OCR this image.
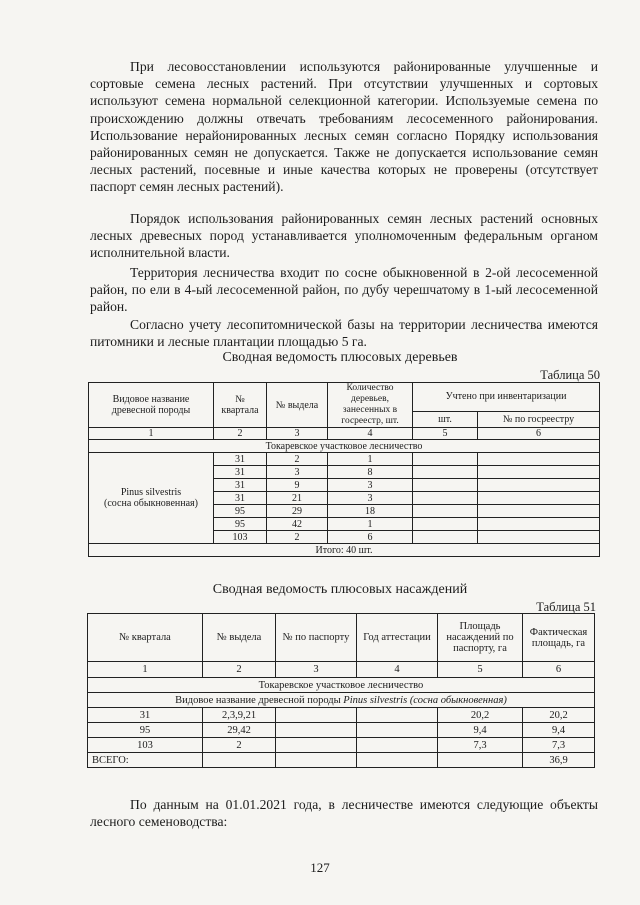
При лесовосстановлении используются районированные улучшенные и сортовые семена лесных растений. При отсутствии улучшенных и сортовых используют семена нормальной селекционной категории. Используемые семена по происхождению должны отвечать требованиям лесосеменного районирования. Использование нерайонированных лесных семян согласно Порядку использования районированных семян не допускается. Также не допускается использование семян лесных растений, посевные и иные качества которых не проверены (отсутствует паспорт семян лесных растений).

Порядок использования районированных семян лесных растений основных лесных древесных пород устанавливается уполномоченным федеральным органом исполнительной власти.

Территория лесничества входит по сосне обыкновенной в 2-ой лесосеменной район, по ели в 4-ый лесосеменной район, по дубу черешчатому в 1-ый лесосеменной район.

Согласно учету лесопитомнической базы на территории лесничества имеются питомники и лесные плантации площадью 5 га.

Сводная ведомость плюсовых деревьев
Таблица 50
Видовое название древесной породы	№ квартала	№ выдела	Количество деревьев, занесенных в госреестр, шт.	Учтено при инвентаризации	
				шт.	№ по госреестру
1	2	3	4	5	6
Токаревское участковое лесничество					

Pinus silvestris
(сосна обыкновенная)	31	2	1		
	31	3	8		
	31	9	3		
	31	21	3		
	95	29	18		
	95	42	1		
	103	2	6		
Итого: 40 шт.					
Сводная ведомость плюсовых насаждений
Таблица 51
№ квартала	№ выдела	№ по паспорту	Год аттестации	Площадь насаждений по паспорту, га	Фактическая площадь, га
1	2	3	4	5	6
Токаревское участковое лесничество					
Видовое название древесной породы Pinus silvestris (сосна обыкновенная)					
31	2,3,9,21			20,2	20,2
95	29,42			9,4	9,4
103	2			7,3	7,3
ВСЕГО:					36,9

По данным на 01.01.2021 года, в лесничестве имеются следующие объекты лесного семеноводства:

127
